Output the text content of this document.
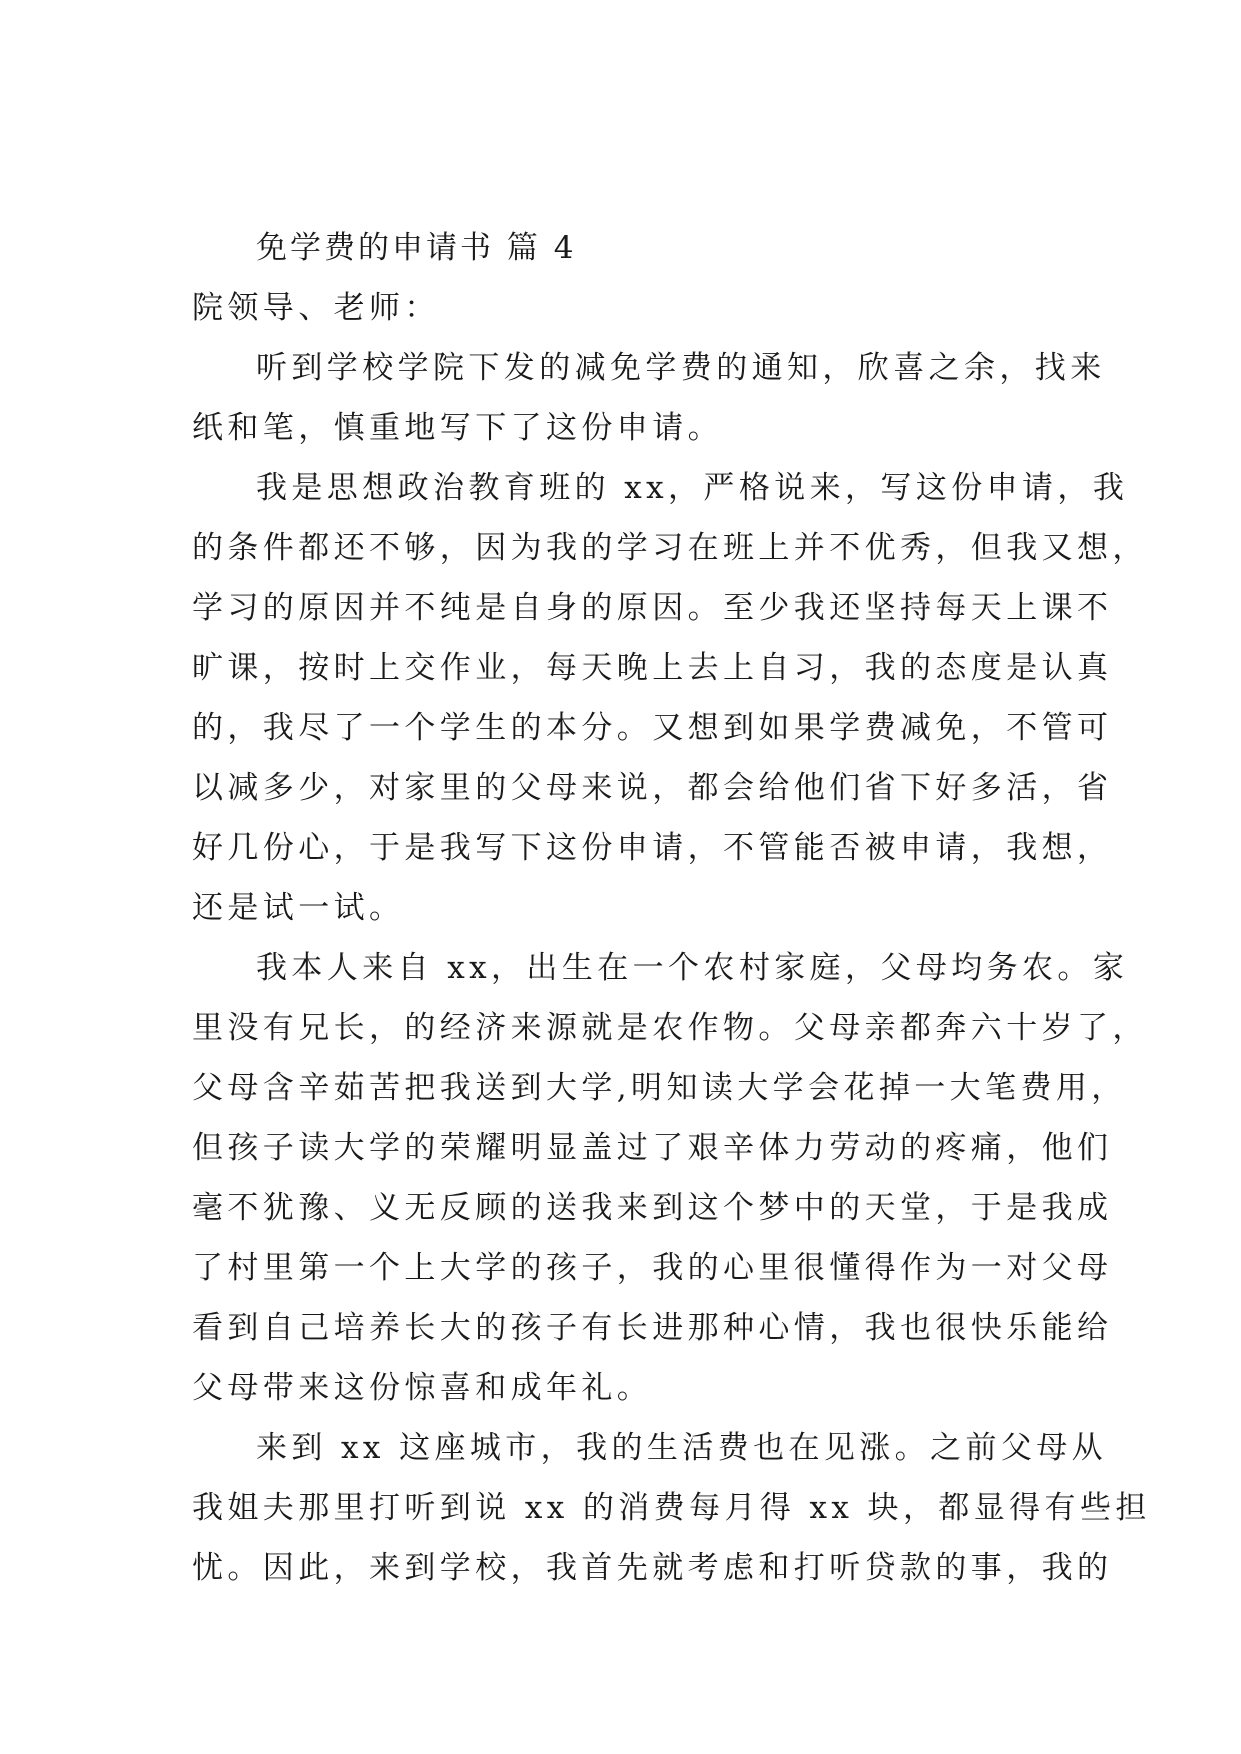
免学费的申请书 篇 4
院领导、老师：
听到学校学院下发的减免学费的通知，欣喜之余，找来
纸和笔，慎重地写下了这份申请。
我是思想政治教育班的 xx，严格说来，写这份申请，我
的条件都还不够，因为我的学习在班上并不优秀，但我又想，
学习的原因并不纯是自身的原因。至少我还坚持每天上课不
旷课，按时上交作业，每天晚上去上自习，我的态度是认真
的，我尽了一个学生的本分。又想到如果学费减免，不管可
以减多少，对家里的父母来说，都会给他们省下好多活，省
好几份心，于是我写下这份申请，不管能否被申请，我想，
还是试一试。
我本人来自 xx，出生在一个农村家庭，父母均务农。家
里没有兄长，的经济来源就是农作物。父母亲都奔六十岁了，
父母含辛茹苦把我送到大学,明知读大学会花掉一大笔费用，
但孩子读大学的荣耀明显盖过了艰辛体力劳动的疼痛，他们
毫不犹豫、义无反顾的送我来到这个梦中的天堂，于是我成
了村里第一个上大学的孩子，我的心里很懂得作为一对父母
看到自己培养长大的孩子有长进那种心情，我也很快乐能给
父母带来这份惊喜和成年礼。
来到 xx 这座城市，我的生活费也在见涨。之前父母从
我姐夫那里打听到说 xx 的消费每月得 xx 块，都显得有些担
忧。因此，来到学校，我首先就考虑和打听贷款的事，我的
